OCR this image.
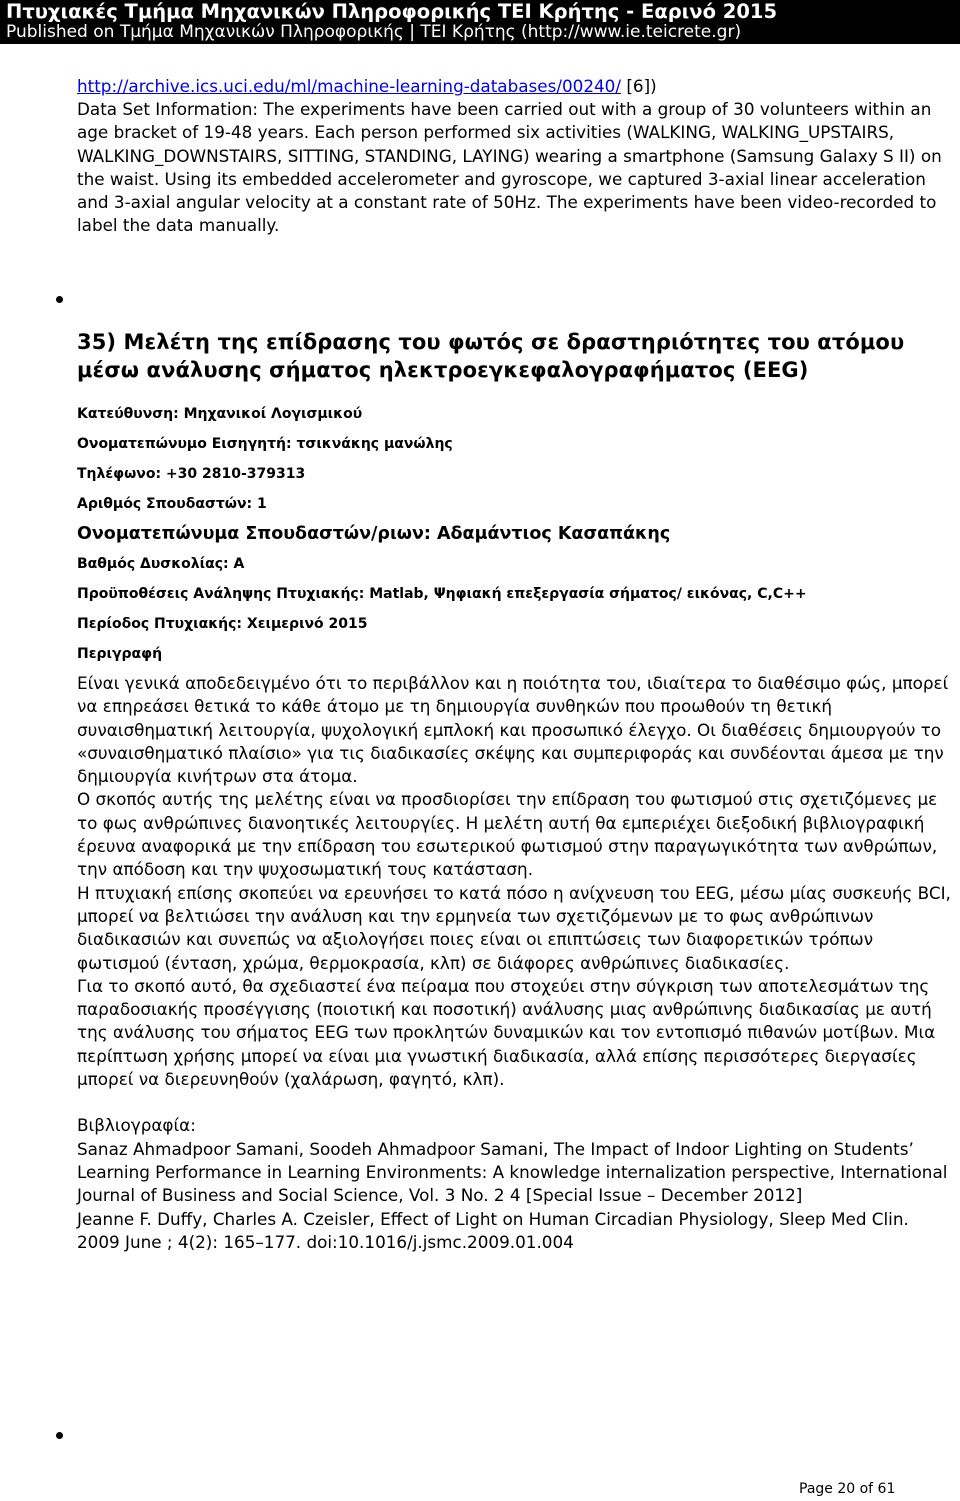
Πτυχιακές Τμήμα Μηχανικών Πληροφορικής ΤΕΙ Κρήτης - Εαρινό 2015
Published on Τμήμα Μηχανικών Πληροφορικής | ΤΕΙ Κρήτης (http://www.ie.teicrete.gr)

http://archive.ics.uci.edu/ml/machine-learning-databases/00240/ [6])
Data Set Information: The experiments have been carried out with a group of 30 volunteers within an age bracket of 19-48 years. Each person performed six activities (WALKING, WALKING_UPSTAIRS, WALKING_DOWNSTAIRS, SITTING, STANDING, LAYING) wearing a smartphone (Samsung Galaxy S II) on the waist. Using its embedded accelerometer and gyroscope, we captured 3-axial linear acceleration and 3-axial angular velocity at a constant rate of 50Hz. The experiments have been video-recorded to label the data manually.

35) Μελέτη της επίδρασης του φωτός σε δραστηριότητες του ατόμου μέσω ανάλυσης σήματος ηλεκτροεγκεφαλογραφήματος (EEG)

Κατεύθυνση: Μηχανικοί Λογισμικού

Ονοματεπώνυμο Εισηγητή: τσικνάκης μανώλης

Τηλέφωνο: +30 2810-379313

Αριθμός Σπουδαστών: 1

Ονοματεπώνυμα Σπουδαστών/ριων: Αδαμάντιος Κασαπάκης

Βαθμός Δυσκολίας: Α

Προϋποθέσεις Ανάληψης Πτυχιακής: Matlab, Ψηφιακή επεξεργασία σήματος/ εικόνας, C,C++

Περίοδος Πτυχιακής: Χειμερινό 2015

Περιγραφή

Είναι γενικά αποδεδειγμένο ότι το περιβάλλον και η ποιότητα του, ιδιαίτερα το διαθέσιμο φώς, μπορεί να επηρεάσει θετικά το κάθε άτομο με τη δημιουργία συνθηκών που προωθούν τη θετική συναισθηματική λειτουργία, ψυχολογική εμπλοκή και προσωπικό έλεγχο. Οι διαθέσεις δημιουργούν το «συναισθηματικό πλαίσιο» για τις διαδικασίες σκέψης και συμπεριφοράς και συνδέονται άμεσα με την δημιουργία κινήτρων στα άτομα.

Ο σκοπός αυτής της μελέτης είναι να προσδιορίσει την επίδραση του φωτισμού στις σχετιζόμενες με το φως ανθρώπινες διανοητικές λειτουργίες. Η μελέτη αυτή θα εμπεριέχει διεξοδική βιβλιογραφική έρευνα αναφορικά με την επίδραση του εσωτερικού φωτισμού στην παραγωγικότητα των ανθρώπων, την απόδοση και την ψυχοσωματική τους κατάσταση.

Η πτυχιακή επίσης σκοπεύει να ερευνήσει το κατά πόσο η ανίχνευση του EEG, μέσω μίας συσκευής BCI, μπορεί να βελτιώσει την ανάλυση και την ερμηνεία των σχετιζόμενων με το φως ανθρώπινων διαδικασιών και συνεπώς να αξιολογήσει ποιες είναι οι επιπτώσεις των διαφορετικών τρόπων φωτισμού (ένταση, χρώμα, θερμοκρασία, κλπ) σε διάφορες ανθρώπινες διαδικασίες.

Για το σκοπό αυτό, θα σχεδιαστεί ένα πείραμα που στοχεύει στην σύγκριση των αποτελεσμάτων της παραδοσιακής προσέγγισης (ποιοτική και ποσοτική) ανάλυσης μιας ανθρώπινης διαδικασίας με αυτή της ανάλυσης του σήματος EEG των προκλητών δυναμικών και τον εντοπισμό πιθανών μοτίβων. Μια περίπτωση χρήσης μπορεί να είναι μια γνωστική διαδικασία, αλλά επίσης περισσότερες διεργασίες μπορεί να διερευνηθούν (χαλάρωση, φαγητό, κλπ).

Βιβλιογραφία:

Sanaz Ahmadpoor Samani, Soodeh Ahmadpoor Samani, The Impact of Indoor Lighting on Students’ Learning Performance in Learning Environments: A knowledge internalization perspective, International Journal of Business and Social Science, Vol. 3 No. 2 4 [Special Issue – December 2012]

Jeanne F. Duffy, Charles A. Czeisler, Effect of Light on Human Circadian Physiology, Sleep Med Clin. 2009 June ; 4(2): 165–177. doi:10.1016/j.jsmc.2009.01.004

Page 20 of 61
